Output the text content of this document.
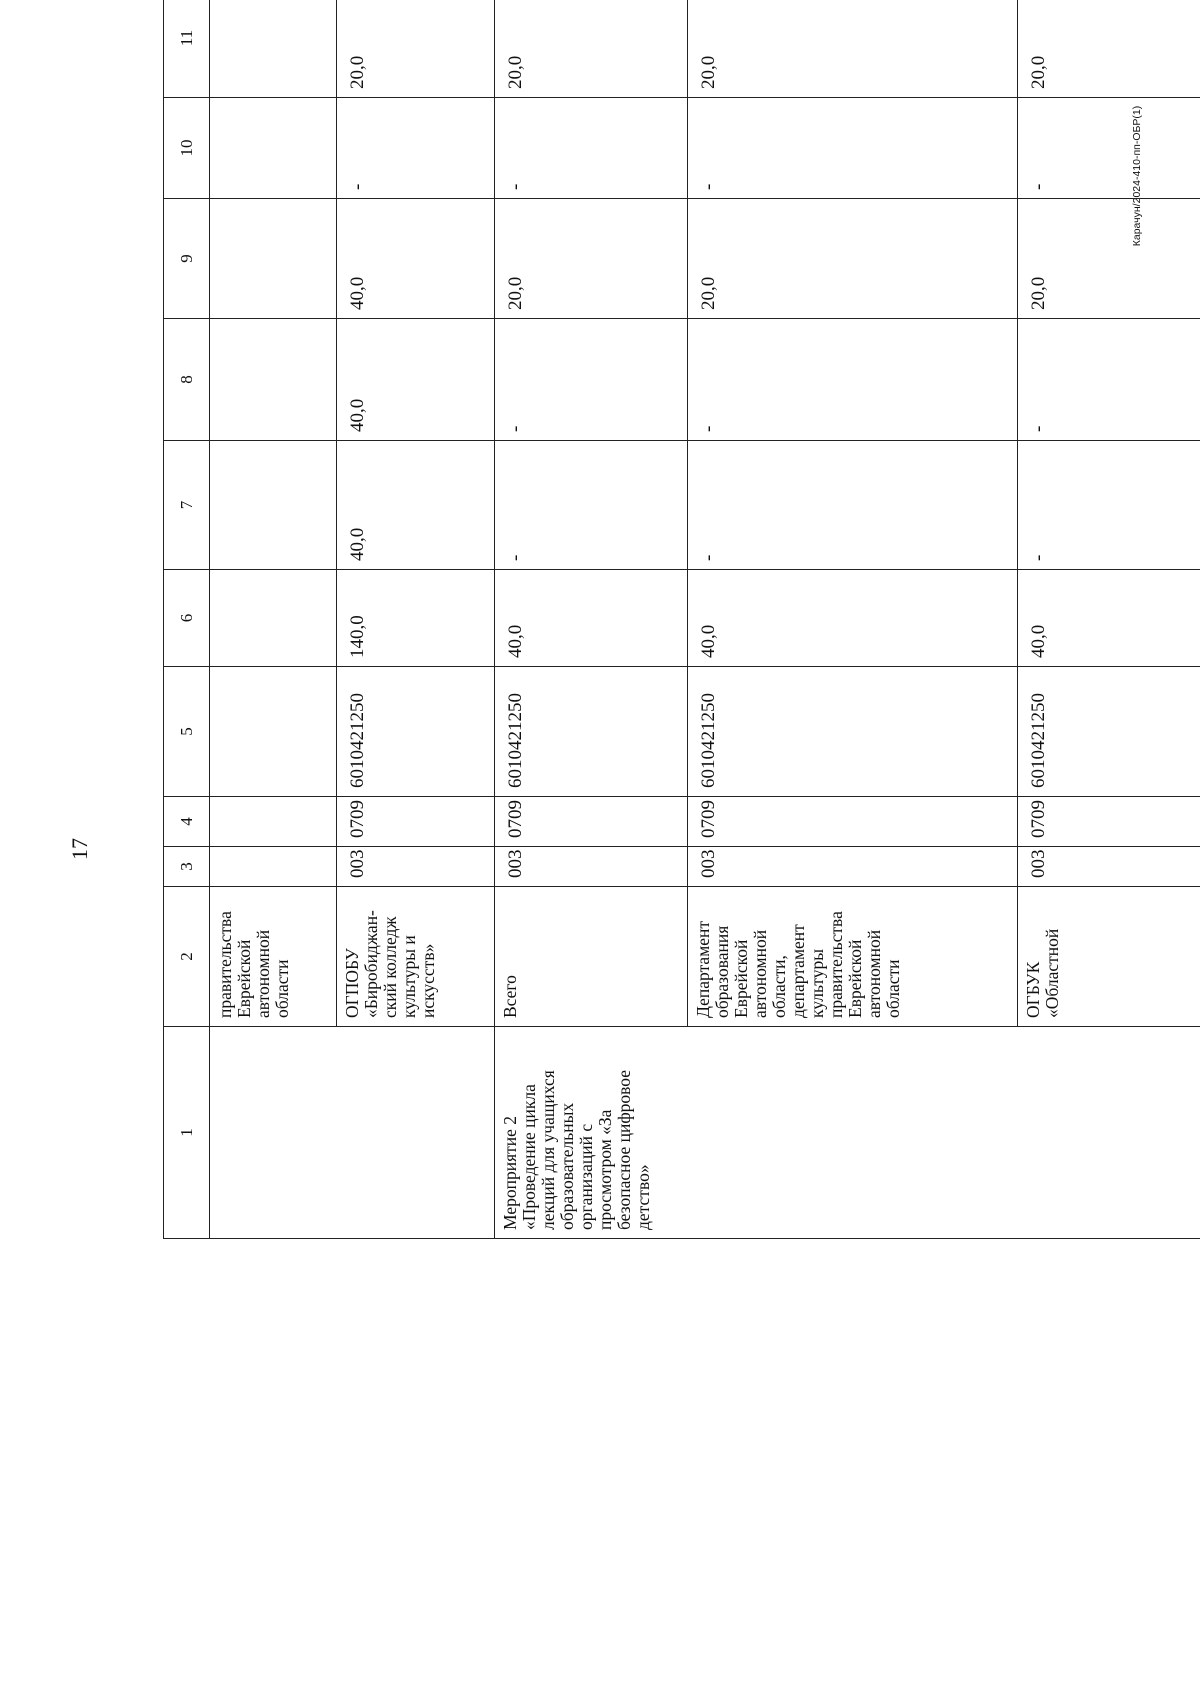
17
Карачун/2024-410-пп-ОБР(1)
1	2	3	4	5	6	7	8	9	10	11
	правительства Еврейской автономной области									
	ОГПОБУ «Биробиджан-ский колледж культуры и искусств»	003	0709	6010421250	140,0	40,0	40,0	40,0	-	20,0
Мероприятие 2 «Проведение цикла лекций для учащихся образовательных организаций с просмотром «За безопасное цифровое детство»	Всего	003	0709	6010421250	40,0	-	-	20,0	-	20,0
	Департамент образования Еврейской автономной области, департамент культуры правительства Еврейской автономной области	003	0709	6010421250	40,0	-	-	20,0	-	20,0
	ОГБУК «Областной	003	0709	6010421250	40,0	-	-	20,0	-	20,0
